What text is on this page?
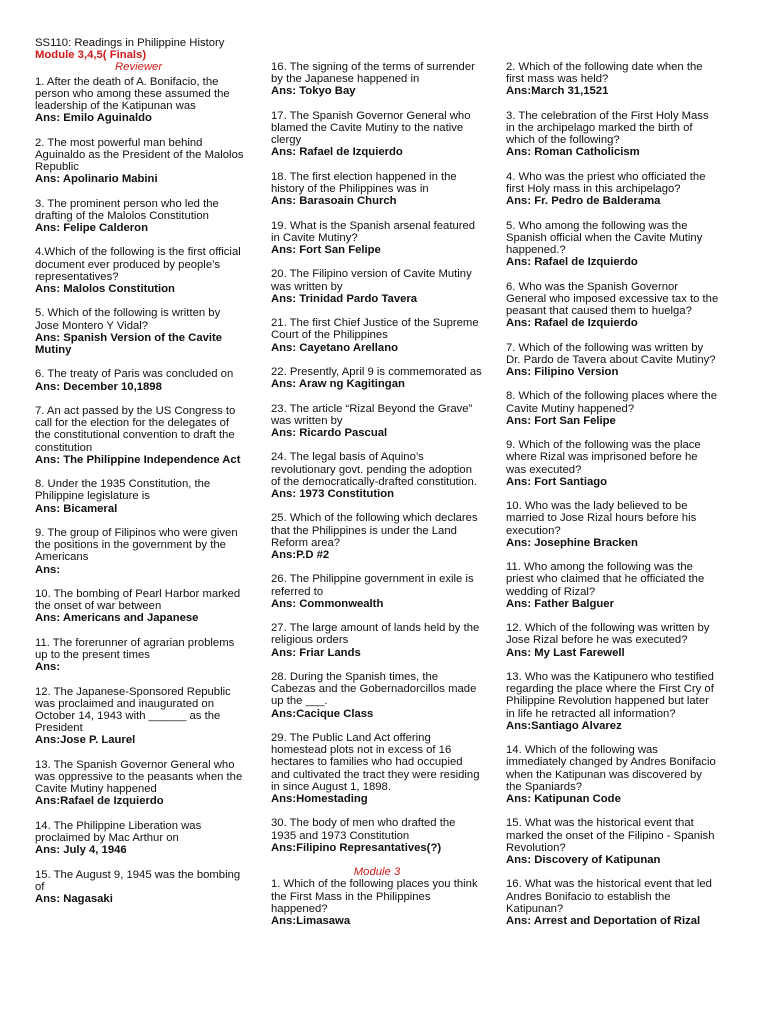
SS110: Readings in Philippine History

Module 3,4,5( Finals)

Reviewer

1. After the death of A. Bonifacio, the person who among these assumed the leadership of the Katipunan was

Ans: Emilo Aguinaldo

2. The most powerful man behind Aguinaldo as the President of the Malolos Republic

Ans: Apolinario Mabini

3. The prominent person who led the drafting of the Malolos Constitution

Ans: Felipe Calderon

4.Which of the following is the first official document ever produced by people’s representatives?

Ans: Malolos Constitution

5. Which of the following is written by Jose Montero Y Vidal?

Ans: Spanish Version of the Cavite Mutiny

6. The treaty of Paris was concluded on

Ans: December 10,1898

7. An act passed by the US Congress to call for the election for the delegates of the constitutional convention to draft the constitution

Ans: The Philippine Independence Act

8. Under the 1935 Constitution, the Philippine legislature is

Ans: Bicameral

9. The group of Filipinos who were given the positions in the government by the Americans

Ans:

10. The bombing of Pearl Harbor marked the onset of war between

Ans: Americans and Japanese

11. The forerunner of agrarian problems up to the present times

Ans:

12. The Japanese-Sponsored Republic was proclaimed and inaugurated on October 14, 1943 with ______ as the President

Ans:Jose P. Laurel

13. The Spanish Governor General who was oppressive to the peasants when the Cavite Mutiny happened

Ans:Rafael de Izquierdo

14. The Philippine Liberation was proclaimed by Mac Arthur on

Ans: July 4, 1946

15. The August 9, 1945 was the bombing of

Ans: Nagasaki

16. The signing of the terms of surrender by the Japanese happened in

Ans: Tokyo Bay

17. The Spanish Governor General who blamed the Cavite Mutiny to the native clergy

Ans: Rafael de Izquierdo

18. The first election happened in the history of the Philippines was in

Ans: Barasoain Church

19. What is the Spanish arsenal featured in Cavite Mutiny?

Ans: Fort San Felipe

20. The Filipino version of Cavite Mutiny was written by

Ans: Trinidad Pardo Tavera

21. The first Chief Justice of the Supreme Court of the Philippines

Ans: Cayetano Arellano

22. Presently, April 9 is commemorated as

Ans: Araw ng Kagitingan

23. The article “Rizal Beyond the Grave” was written by

Ans: Ricardo Pascual

24. The legal basis of Aquino’s revolutionary govt. pending the adoption of the democratically-drafted constitution.

Ans: 1973 Constitution

25. Which of the following which declares that the Philippines is under the Land Reform area?

Ans:P.D #2

26. The Philippine government in exile is referred to

Ans: Commonwealth

27. The large amount of lands held by the religious orders

Ans: Friar Lands

28. During the Spanish times, the Cabezas and the Gobernadorcillos made up the ___.

Ans:Cacique Class

29. The Public Land Act offering homestead plots not in excess of 16 hectares to families who had occupied and cultivated the tract they were residing in since August 1, 1898.

Ans:Homestading

30. The body of men who drafted the 1935 and 1973 Constitution

Ans:Filipino Represantatives(?)

Module 3

1. Which of the following places you think the First Mass in the Philippines happened?

Ans:Limasawa

2. Which of the following date when the first mass was held?

Ans:March 31,1521

3. The celebration of the First Holy Mass in the archipelago marked the birth of which of the following?

Ans: Roman Catholicism

4. Who was the priest who officiated the first Holy mass in this archipelago?

Ans: Fr. Pedro de Balderama

5. Who among the following was the Spanish official when the Cavite Mutiny happened.?

Ans: Rafael de Izquierdo

6. Who was the Spanish Governor General who imposed excessive tax to the peasant that caused them to huelga?

Ans: Rafael de Izquierdo

7. Which of the following was written by Dr. Pardo de Tavera about Cavite Mutiny?

Ans: Filipino Version

8. Which of the following places where the Cavite Mutiny happened?

Ans: Fort San Felipe

9. Which of the following was the place where Rizal was imprisoned before he was executed?

Ans: Fort Santiago

10. Who was the lady believed to be married to Jose Rizal hours before his execution?

Ans: Josephine Bracken

11. Who among the following was the priest who claimed that he officiated the wedding of Rizal?

Ans: Father Balguer

12. Which of the following was written by Jose Rizal before he was executed?

Ans: My Last Farewell

13. Who was the Katipunero who testified regarding the place where the First Cry of Philippine Revolution happened but later in life he retracted all information?

Ans:Santiago Alvarez

14. Which of the following was immediately changed by Andres Bonifacio when the Katipunan was discovered by the Spaniards?

Ans: Katipunan Code

15. What was the historical event that marked the onset of the Filipino - Spanish Revolution?

Ans: Discovery of Katipunan

16. What was the historical event that led Andres Bonifacio to establish the Katipunan?

Ans: Arrest and Deportation of Rizal
